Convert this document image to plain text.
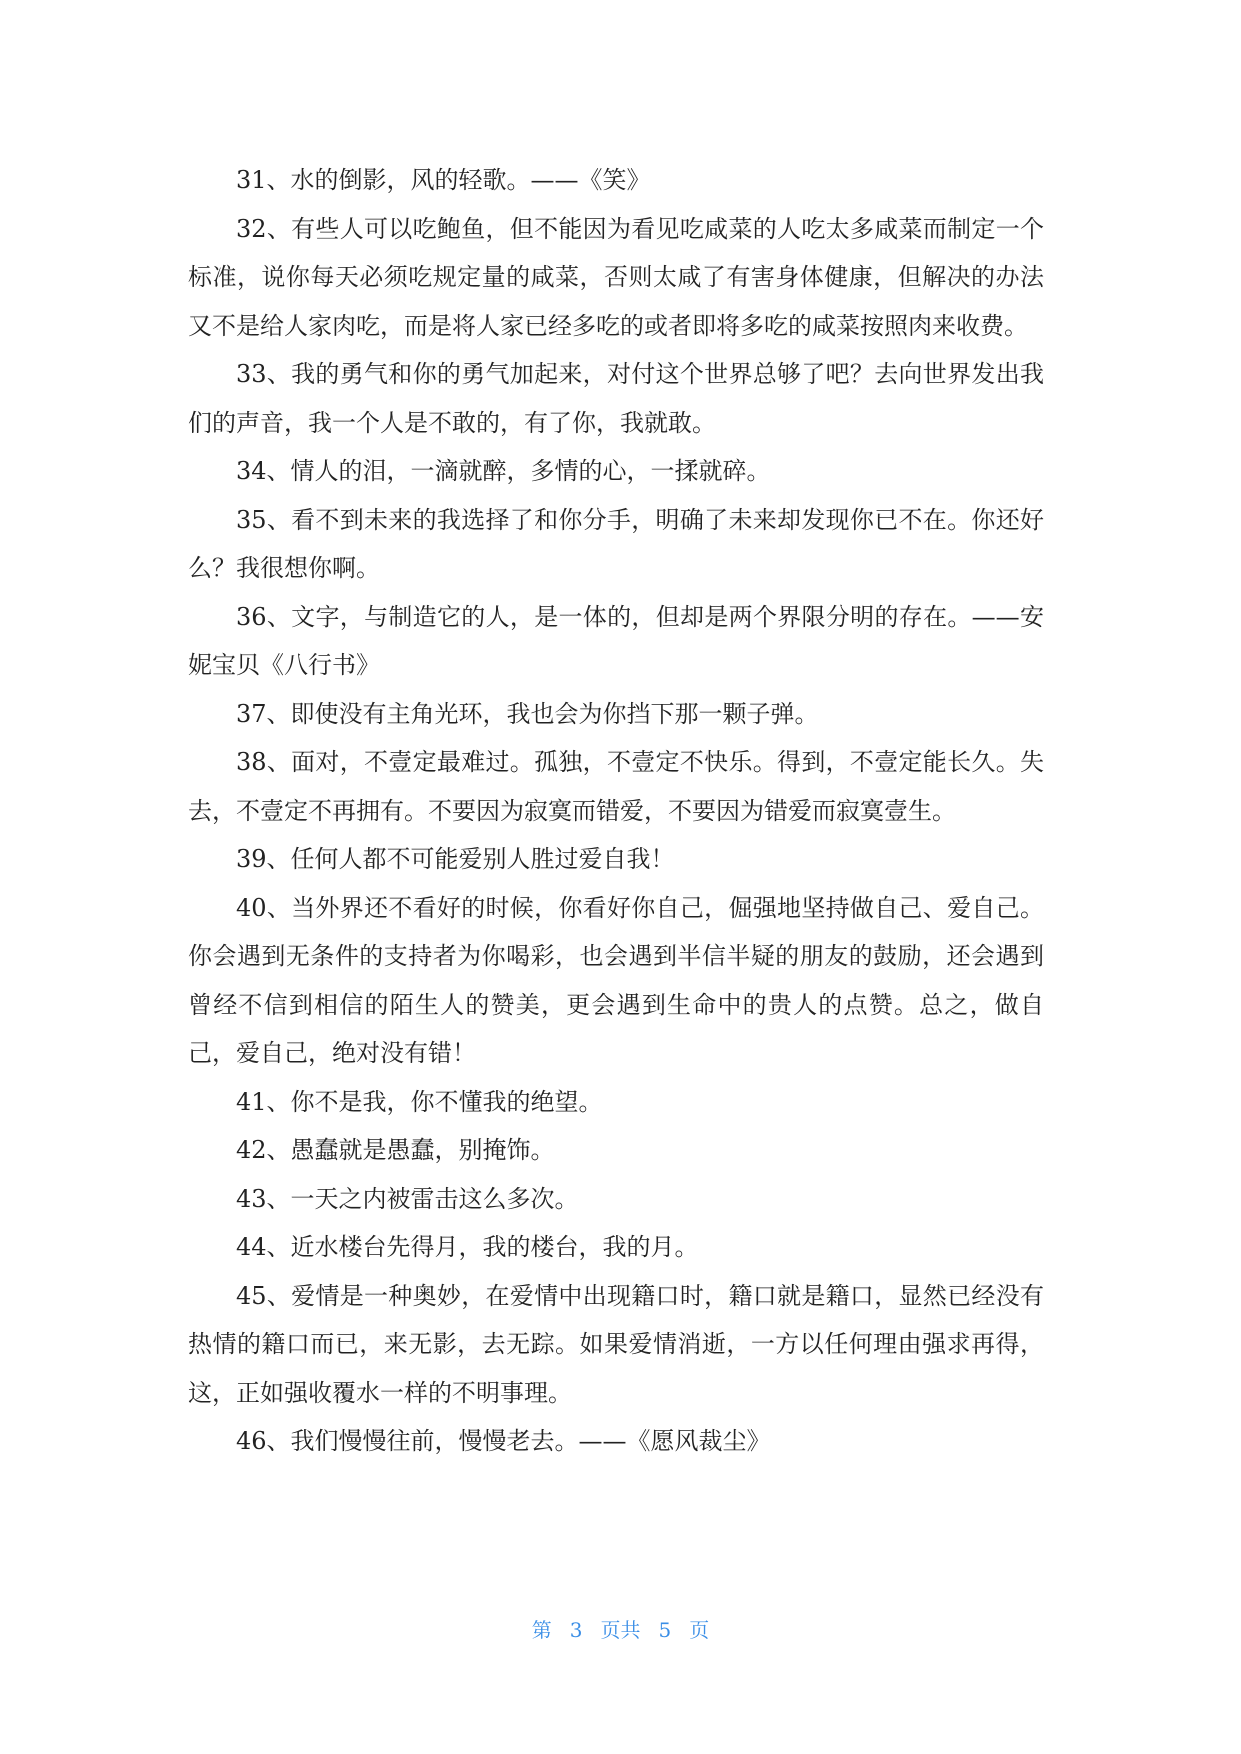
31、水的倒影，风的轻歌。——《笑》

32、有些人可以吃鲍鱼，但不能因为看见吃咸菜的人吃太多咸菜而制定一个标准，说你每天必须吃规定量的咸菜，否则太咸了有害身体健康，但解决的办法又不是给人家肉吃，而是将人家已经多吃的或者即将多吃的咸菜按照肉来收费。

33、我的勇气和你的勇气加起来，对付这个世界总够了吧？去向世界发出我们的声音，我一个人是不敢的，有了你，我就敢。

34、情人的泪，一滴就醉，多情的心，一揉就碎。

35、看不到未来的我选择了和你分手，明确了未来却发现你已不在。你还好么？我很想你啊。

36、文字，与制造它的人，是一体的，但却是两个界限分明的存在。——安妮宝贝《八行书》

37、即使没有主角光环，我也会为你挡下那一颗子弹。

38、面对，不壹定最难过。孤独，不壹定不快乐。得到，不壹定能长久。失去，不壹定不再拥有。不要因为寂寞而错爱，不要因为错爱而寂寞壹生。

39、任何人都不可能爱别人胜过爱自我！

40、当外界还不看好的时候，你看好你自己，倔强地坚持做自己、爱自己。你会遇到无条件的支持者为你喝彩，也会遇到半信半疑的朋友的鼓励，还会遇到曾经不信到相信的陌生人的赞美，更会遇到生命中的贵人的点赞。总之，做自己，爱自己，绝对没有错！

41、你不是我，你不懂我的绝望。

42、愚蠢就是愚蠢，别掩饰。

43、一天之内被雷击这么多次。

44、近水楼台先得月，我的楼台，我的月。

45、爱情是一种奥妙，在爱情中出现籍口时，籍口就是籍口，显然已经没有热情的籍口而已，来无影，去无踪。如果爱情消逝，一方以任何理由强求再得，这，正如强收覆水一样的不明事理。

46、我们慢慢往前，慢慢老去。——《愿风裁尘》

第 3 页共 5 页
